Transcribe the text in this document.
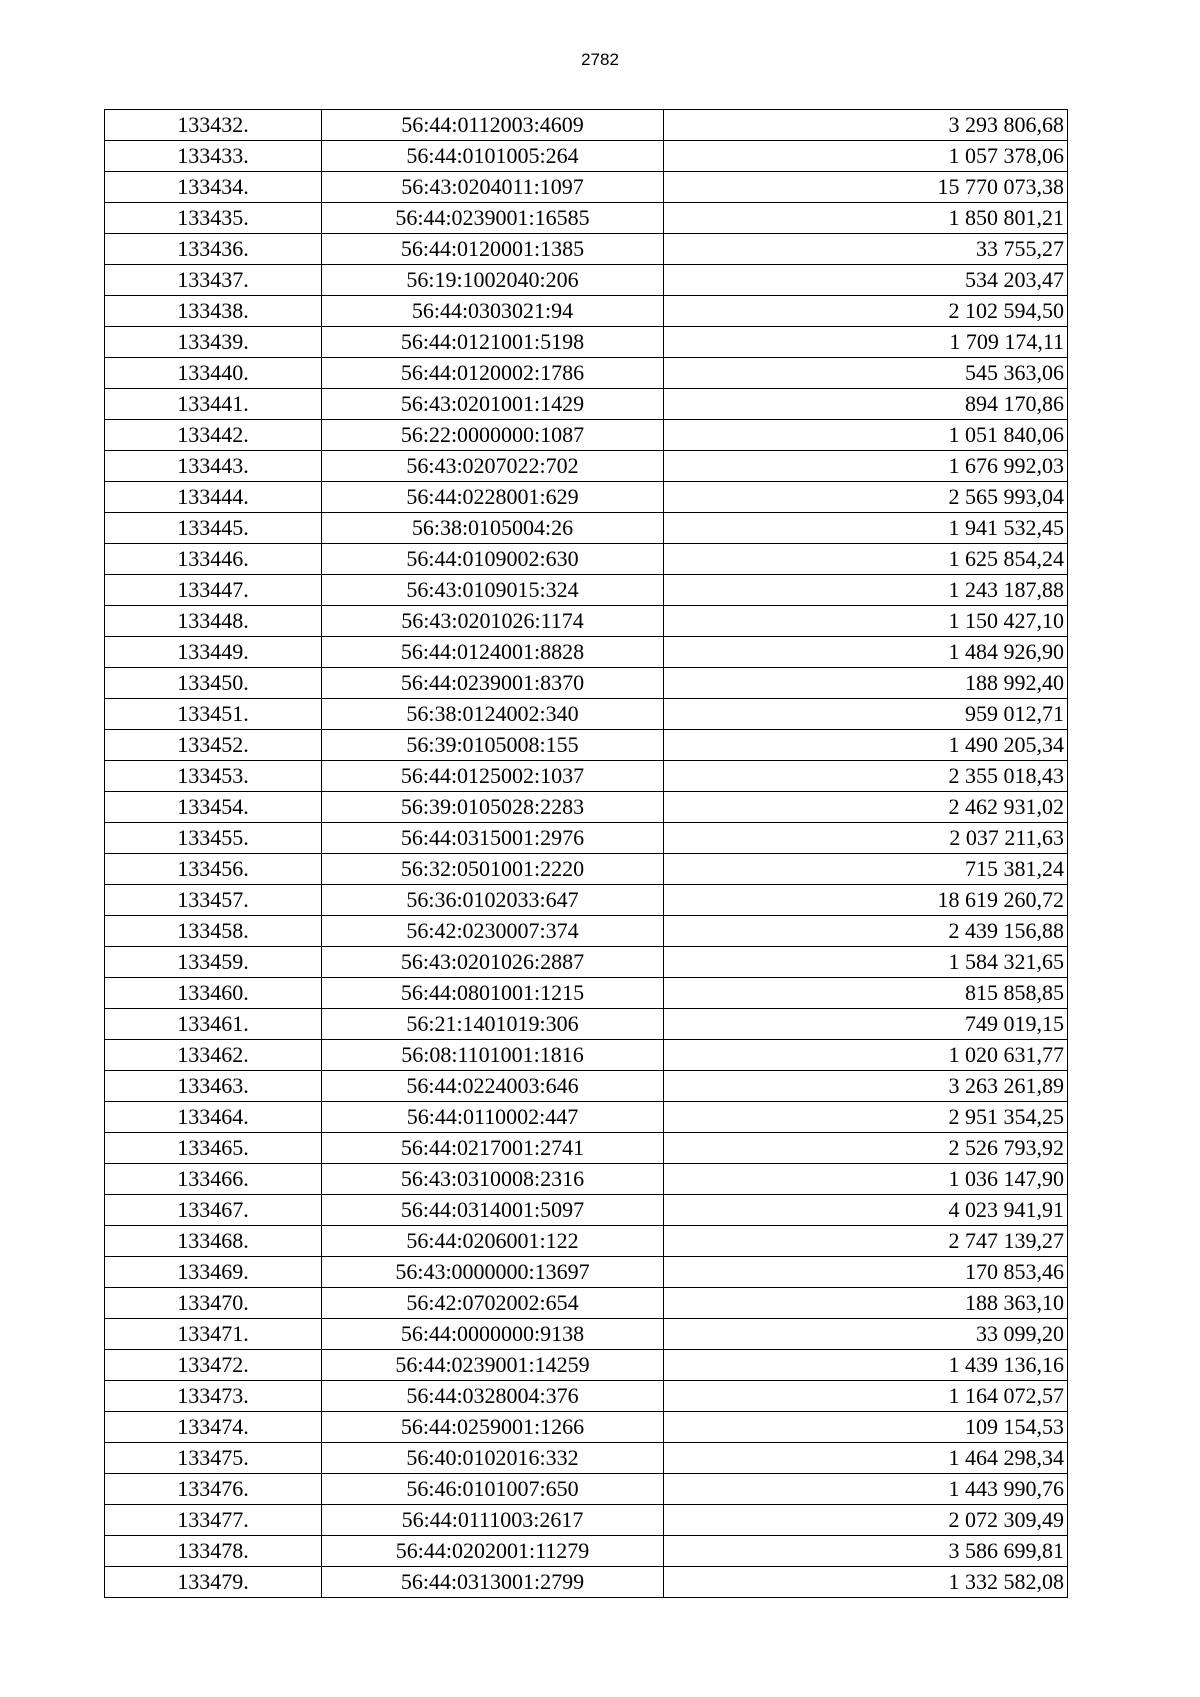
2782
133432.	56:44:0112003:4609	3 293 806,68
133433.	56:44:0101005:264	1 057 378,06
133434.	56:43:0204011:1097	15 770 073,38
133435.	56:44:0239001:16585	1 850 801,21
133436.	56:44:0120001:1385	33 755,27
133437.	56:19:1002040:206	534 203,47
133438.	56:44:0303021:94	2 102 594,50
133439.	56:44:0121001:5198	1 709 174,11
133440.	56:44:0120002:1786	545 363,06
133441.	56:43:0201001:1429	894 170,86
133442.	56:22:0000000:1087	1 051 840,06
133443.	56:43:0207022:702	1 676 992,03
133444.	56:44:0228001:629	2 565 993,04
133445.	56:38:0105004:26	1 941 532,45
133446.	56:44:0109002:630	1 625 854,24
133447.	56:43:0109015:324	1 243 187,88
133448.	56:43:0201026:1174	1 150 427,10
133449.	56:44:0124001:8828	1 484 926,90
133450.	56:44:0239001:8370	188 992,40
133451.	56:38:0124002:340	959 012,71
133452.	56:39:0105008:155	1 490 205,34
133453.	56:44:0125002:1037	2 355 018,43
133454.	56:39:0105028:2283	2 462 931,02
133455.	56:44:0315001:2976	2 037 211,63
133456.	56:32:0501001:2220	715 381,24
133457.	56:36:0102033:647	18 619 260,72
133458.	56:42:0230007:374	2 439 156,88
133459.	56:43:0201026:2887	1 584 321,65
133460.	56:44:0801001:1215	815 858,85
133461.	56:21:1401019:306	749 019,15
133462.	56:08:1101001:1816	1 020 631,77
133463.	56:44:0224003:646	3 263 261,89
133464.	56:44:0110002:447	2 951 354,25
133465.	56:44:0217001:2741	2 526 793,92
133466.	56:43:0310008:2316	1 036 147,90
133467.	56:44:0314001:5097	4 023 941,91
133468.	56:44:0206001:122	2 747 139,27
133469.	56:43:0000000:13697	170 853,46
133470.	56:42:0702002:654	188 363,10
133471.	56:44:0000000:9138	33 099,20
133472.	56:44:0239001:14259	1 439 136,16
133473.	56:44:0328004:376	1 164 072,57
133474.	56:44:0259001:1266	109 154,53
133475.	56:40:0102016:332	1 464 298,34
133476.	56:46:0101007:650	1 443 990,76
133477.	56:44:0111003:2617	2 072 309,49
133478.	56:44:0202001:11279	3 586 699,81
133479.	56:44:0313001:2799	1 332 582,08
